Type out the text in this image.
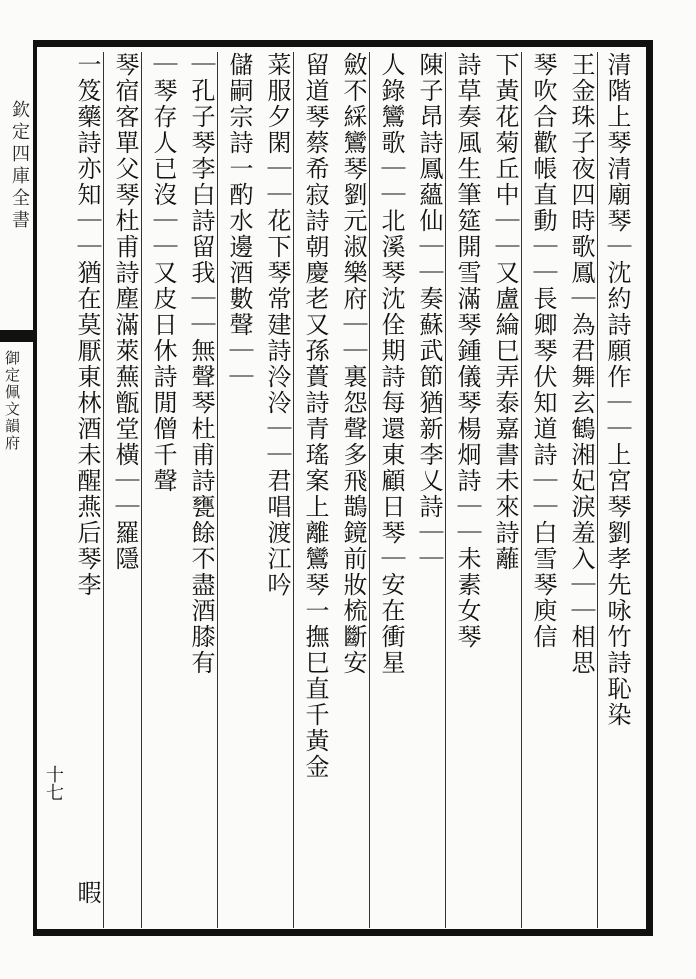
欽定四庫全書
御定佩文韻府	清階上琴清廟琴｜沈約詩願作｜｜上宮琴劉孝先咏竹詩恥染
王金珠子夜四時歌鳳｜為君舞玄鶴湘妃淚羞入｜｜相思
琴吹合歡帳直動｜｜長卿琴伏知道詩｜｜白雪琴庾信
下黃花菊丘中｜｜又盧綸巳弄泰嘉書未來詩蘺
詩草奏風生筆筵開雪滿琴鍾儀琴楊炯詩｜｜未素女琴
陳子昂詩鳳蘊仙｜｜奏蘇武節猶新李乂詩｜｜
人錄鸞歌｜｜北溪琴沈佺期詩每還東顧日琴｜安在衝星
斂不綵鸞琴劉元淑樂府｜｜裏怨聲多飛鵲鏡前妝梳斷安
留道琴蔡希寂詩朝慶老又孫蕢詩青瑤案上離鸞琴一撫巳直千黃金
菜服夕閑｜｜花下琴常建詩泠泠｜｜君唱渡江吟
儲嗣宗詩一酌水邊酒數聲｜｜
｜孔子琴李白詩留我｜｜無聲琴杜甫詩甕餘不盡酒膝有
｜琴存人已沒｜｜又皮日休詩閒僧千聲
琴宿客單父琴杜甫詩塵滿萊蕪甑堂橫｜｜羅隱
一笈藥詩亦知｜｜猶在莫厭東林酒未醒燕后琴李
暇
十七
